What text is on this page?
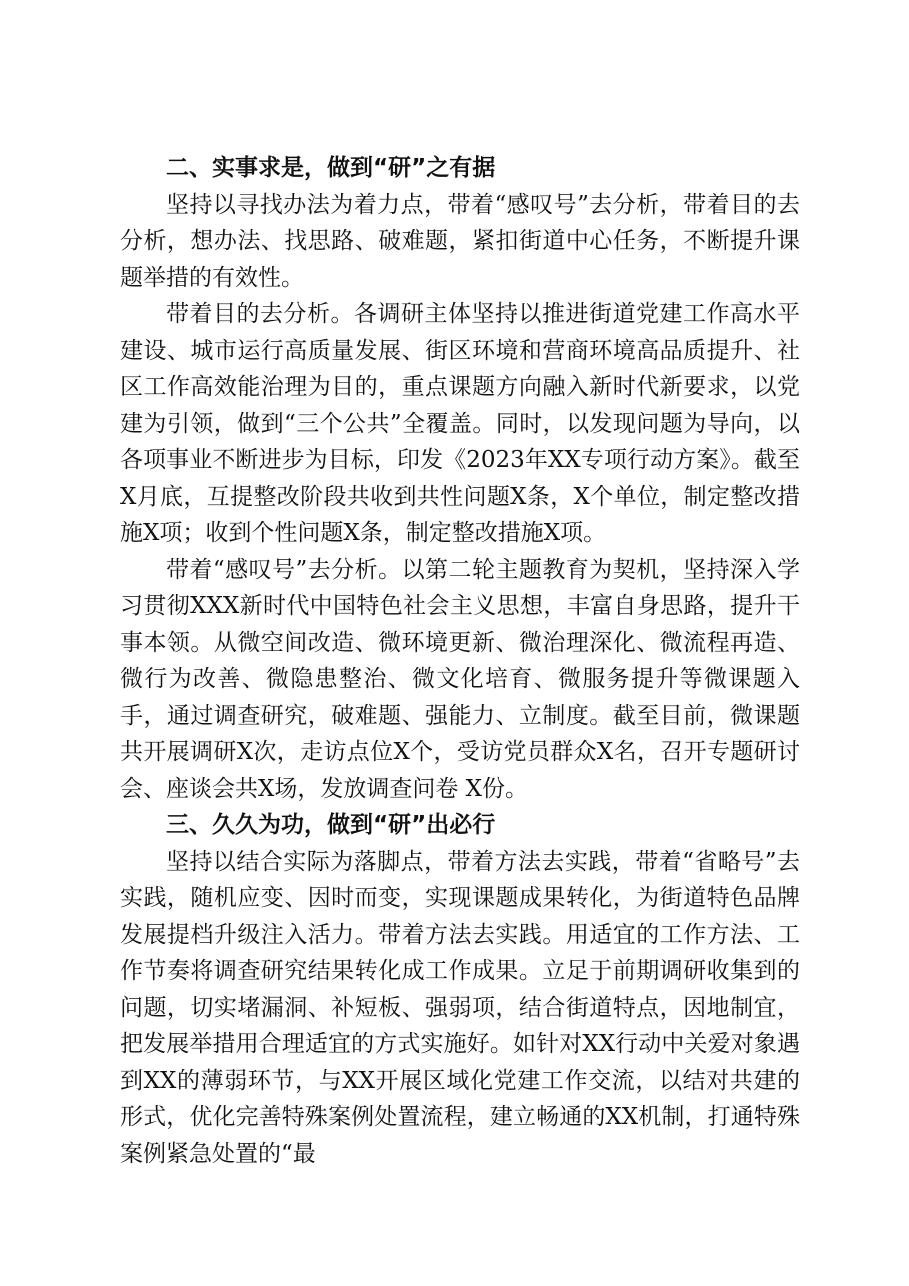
二、实事求是，做到“研”之有据

坚持以寻找办法为着力点，带着“感叹号”去分析，带着目的去分析，想办法、找思路、破难题，紧扣街道中心任务，不断提升课题举措的有效性。

带着目的去分析。各调研主体坚持以推进街道党建工作高水平建设、城市运行高质量发展、街区环境和营商环境高品质提升、社区工作高效能治理为目的，重点课题方向融入新时代新要求，以党建为引领，做到“三个公共”全覆盖。同时，以发现问题为导向，以各项事业不断进步为目标，印发《2023年XX专项行动方案》。截至X月底，互提整改阶段共收到共性问题X条，X个单位，制定整改措施X项；收到个性问题X条，制定整改措施X项。

带着“感叹号”去分析。以第二轮主题教育为契机，坚持深入学习贯彻XXX新时代中国特色社会主义思想，丰富自身思路，提升干事本领。从微空间改造、微环境更新、微治理深化、微流程再造、微行为改善、微隐患整治、微文化培育、微服务提升等微课题入手，通过调查研究，破难题、强能力、立制度。截至目前，微课题共开展调研X次，走访点位X个，受访党员群众X名，召开专题研讨会、座谈会共X场，发放调查问卷 X份。

三、久久为功，做到“研”出必行

坚持以结合实际为落脚点，带着方法去实践，带着“省略号”去实践，随机应变、因时而变，实现课题成果转化，为街道特色品牌发展提档升级注入活力。带着方法去实践。用适宜的工作方法、工作节奏将调查研究结果转化成工作成果。立足于前期调研收集到的问题，切实堵漏洞、补短板、强弱项，结合街道特点，因地制宜，把发展举措用合理适宜的方式实施好。如针对XX行动中关爱对象遇到XX的薄弱环节，与XX开展区域化党建工作交流，以结对共建的形式，优化完善特殊案例处置流程，建立畅通的XX机制，打通特殊案例紧急处置的“最
